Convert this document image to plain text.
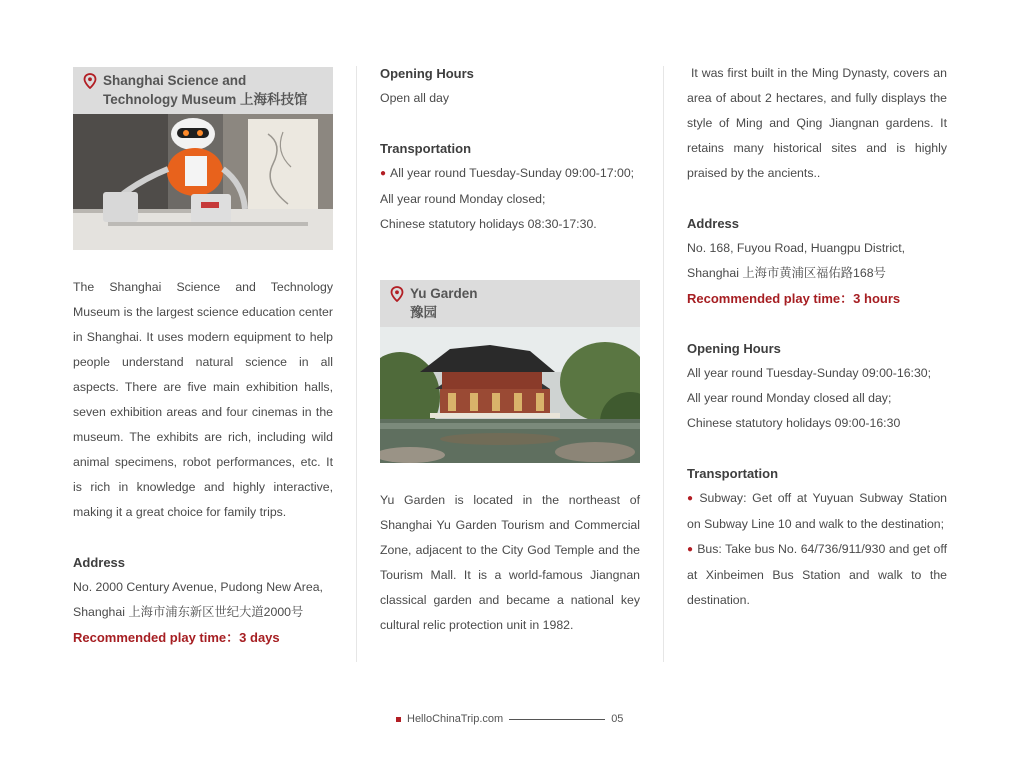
Shanghai Science and
Technology Museum 上海科技馆

The Shanghai Science and Technology Museum is the largest science education center in Shanghai. It uses modern equipment to help people understand natural science in all aspects. There are five main exhibition halls, seven exhibition areas and four cinemas in the museum. The exhibits are rich, including wild animal specimens, robot performances, etc. It is rich in knowledge and highly interactive, making it a great choice for family trips.

Address

No. 2000 Century Avenue, Pudong New Area, Shanghai 上海市浦东新区世纪大道2000号

Recommended play time：3 days
Opening Hours

Open all day

Transportation

● All year round Tuesday-Sunday 09:00-17:00;

All year round Monday closed;

Chinese statutory holidays 08:30-17:30.

Yu Garden
豫园

Yu Garden is located in the northeast of Shanghai Yu Garden Tourism and Commercial Zone, adjacent to the City God Temple and the Tourism Mall. It is a world-famous Jiangnan classical garden and became a national key cultural relic protection unit in 1982.

It was first built in the Ming Dynasty, covers an area of about 2 hectares, and fully displays the style of Ming and Qing Jiangnan gardens. It retains many historical sites and is highly praised by the ancients..

Address

No. 168, Fuyou Road, Huangpu District, Shanghai 上海市黄浦区福佑路168号

Recommended play time：3 hours
Opening Hours

All year round Tuesday-Sunday 09:00-16:30;

All year round Monday closed all day;

Chinese statutory holidays 09:00-16:30

Transportation

● Subway: Get off at Yuyuan Subway Station on Subway Line 10 and walk to the destination;

● Bus: Take bus No. 64/736/911/930 and get off at Xinbeimen Bus Station and walk to the destination.

HelloChinaTrip.com	05
